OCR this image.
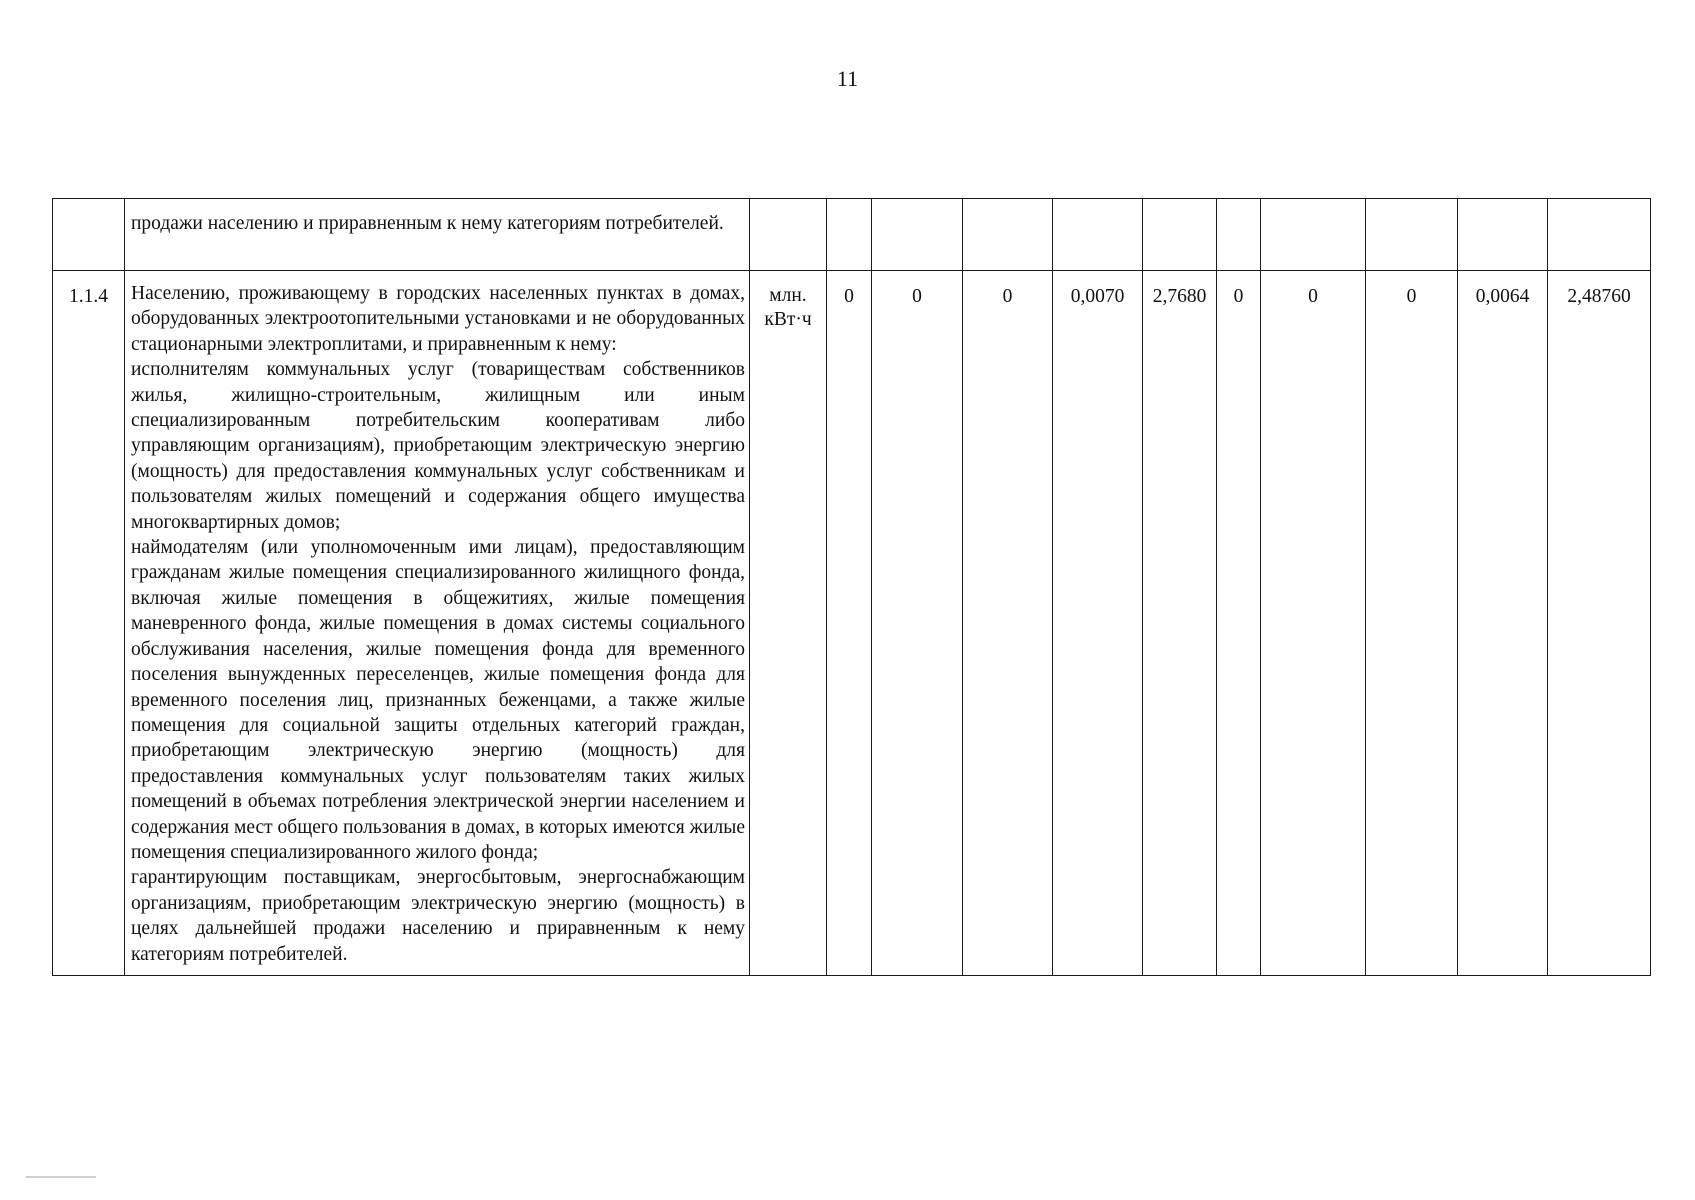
11

	продажи населению и приравненным к нему категориям потребителей.											

1.1.4	Населению, проживающему в городских населенных пунктах в домах, оборудованных электроотопительными установками и не оборудованных стационарными электроплитами, и приравненным к нему:
исполнителям коммунальных услуг (товариществам собственников жилья, жилищно-строительным, жилищным или иным специализированным потребительским кооперативам либо управляющим организациям), приобретающим электрическую энергию (мощность) для предоставления коммунальных услуг собственникам и пользователям жилых помещений и содержания общего имущества многоквартирных домов;
наймодателям (или уполномоченным ими лицам), предоставляющим гражданам жилые помещения специализированного жилищного фонда, включая жилые помещения в общежитиях, жилые помещения маневренного фонда, жилые помещения в домах системы социального обслуживания населения, жилые помещения фонда для временного поселения вынужденных переселенцев, жилые помещения фонда для временного поселения лиц, признанных беженцами, а также жилые помещения для социальной защиты отдельных категорий граждан, приобретающим электрическую энергию (мощность) для предоставления коммунальных услуг пользователям таких жилых помещений в объемах потребления электрической энергии населением и содержания мест общего пользования в домах, в которых имеются жилые помещения специализированного жилого фонда;
гарантирующим поставщикам, энергосбытовым, энергоснабжающим организациям, приобретающим электрическую энергию (мощность) в целях дальнейшей продажи населению и приравненным к нему категориям потребителей.	млн. кВт·ч	0	0	0	0,0070	2,7680	0	0	0	0,0064	2,48760
